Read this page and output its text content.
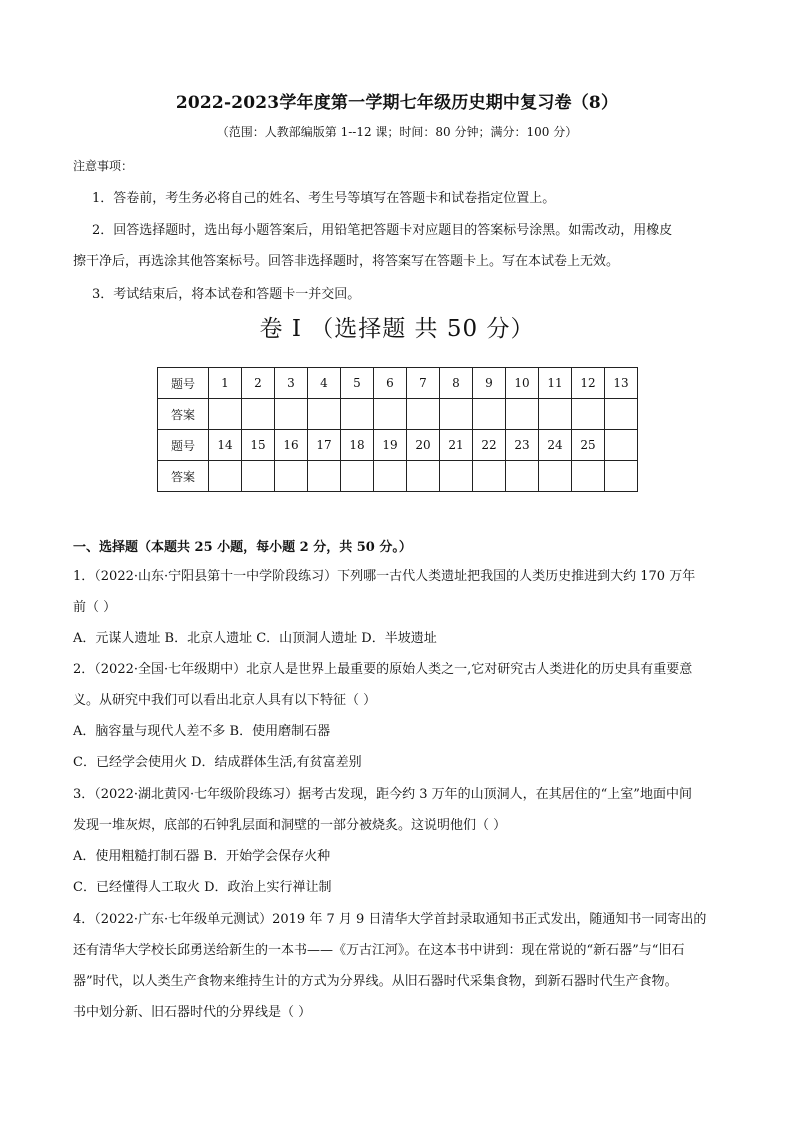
2022-2023学年度第一学期七年级历史期中复习卷（8）
（范围：人教部编版第 1--12 课；时间：80 分钟；满分：100 分）
注意事项：
1．答卷前，考生务必将自己的姓名、考生号等填写在答题卡和试卷指定位置上。
2．回答选择题时，选出每小题答案后，用铅笔把答题卡对应题目的答案标号涂黑。如需改动，用橡皮
擦干净后，再选涂其他答案标号。回答非选择题时，将答案写在答题卡上。写在本试卷上无效。
3．考试结束后，将本试卷和答题卡一并交回。
卷 I （选择题 共 50 分）
题号	1	2	3	4	5	6	7	8	9	10	11	12	13
答案													
题号	14	15	16	17	18	19	20	21	22	23	24	25	
答案													
一、选择题（本题共 25 小题，每小题 2 分，共 50 分。）
1．（2022·山东·宁阳县第十一中学阶段练习）下列哪一古代人类遗址把我国的人类历史推进到大约 170 万年
前（ ）
A．元谋人遗址 B．北京人遗址 C．山顶洞人遗址 D．半坡遗址
2．（2022·全国·七年级期中）北京人是世界上最重要的原始人类之一,它对研究古人类进化的历史具有重要意
义。从研究中我们可以看出北京人具有以下特征（ ）
A．脑容量与现代人差不多 B．使用磨制石器
C．已经学会使用火 D．结成群体生活,有贫富差别
3．（2022·湖北黄冈·七年级阶段练习）据考古发现，距今约 3 万年的山顶洞人，在其居住的“上室”地面中间
发现一堆灰烬，底部的石钟乳层面和洞壁的一部分被烧炙。这说明他们（ ）
A．使用粗糙打制石器 B．开始学会保存火种
C．已经懂得人工取火 D．政治上实行禅让制
4．（2022·广东·七年级单元测试）2019 年 7 月 9 日清华大学首封录取通知书正式发出，随通知书一同寄出的
还有清华大学校长邱勇送给新生的一本书——《万古江河》。在这本书中讲到：现在常说的“新石器”与“旧石
器”时代，以人类生产食物来维持生计的方式为分界线。从旧石器时代采集食物，到新石器时代生产食物。
书中划分新、旧石器时代的分界线是（ ）
